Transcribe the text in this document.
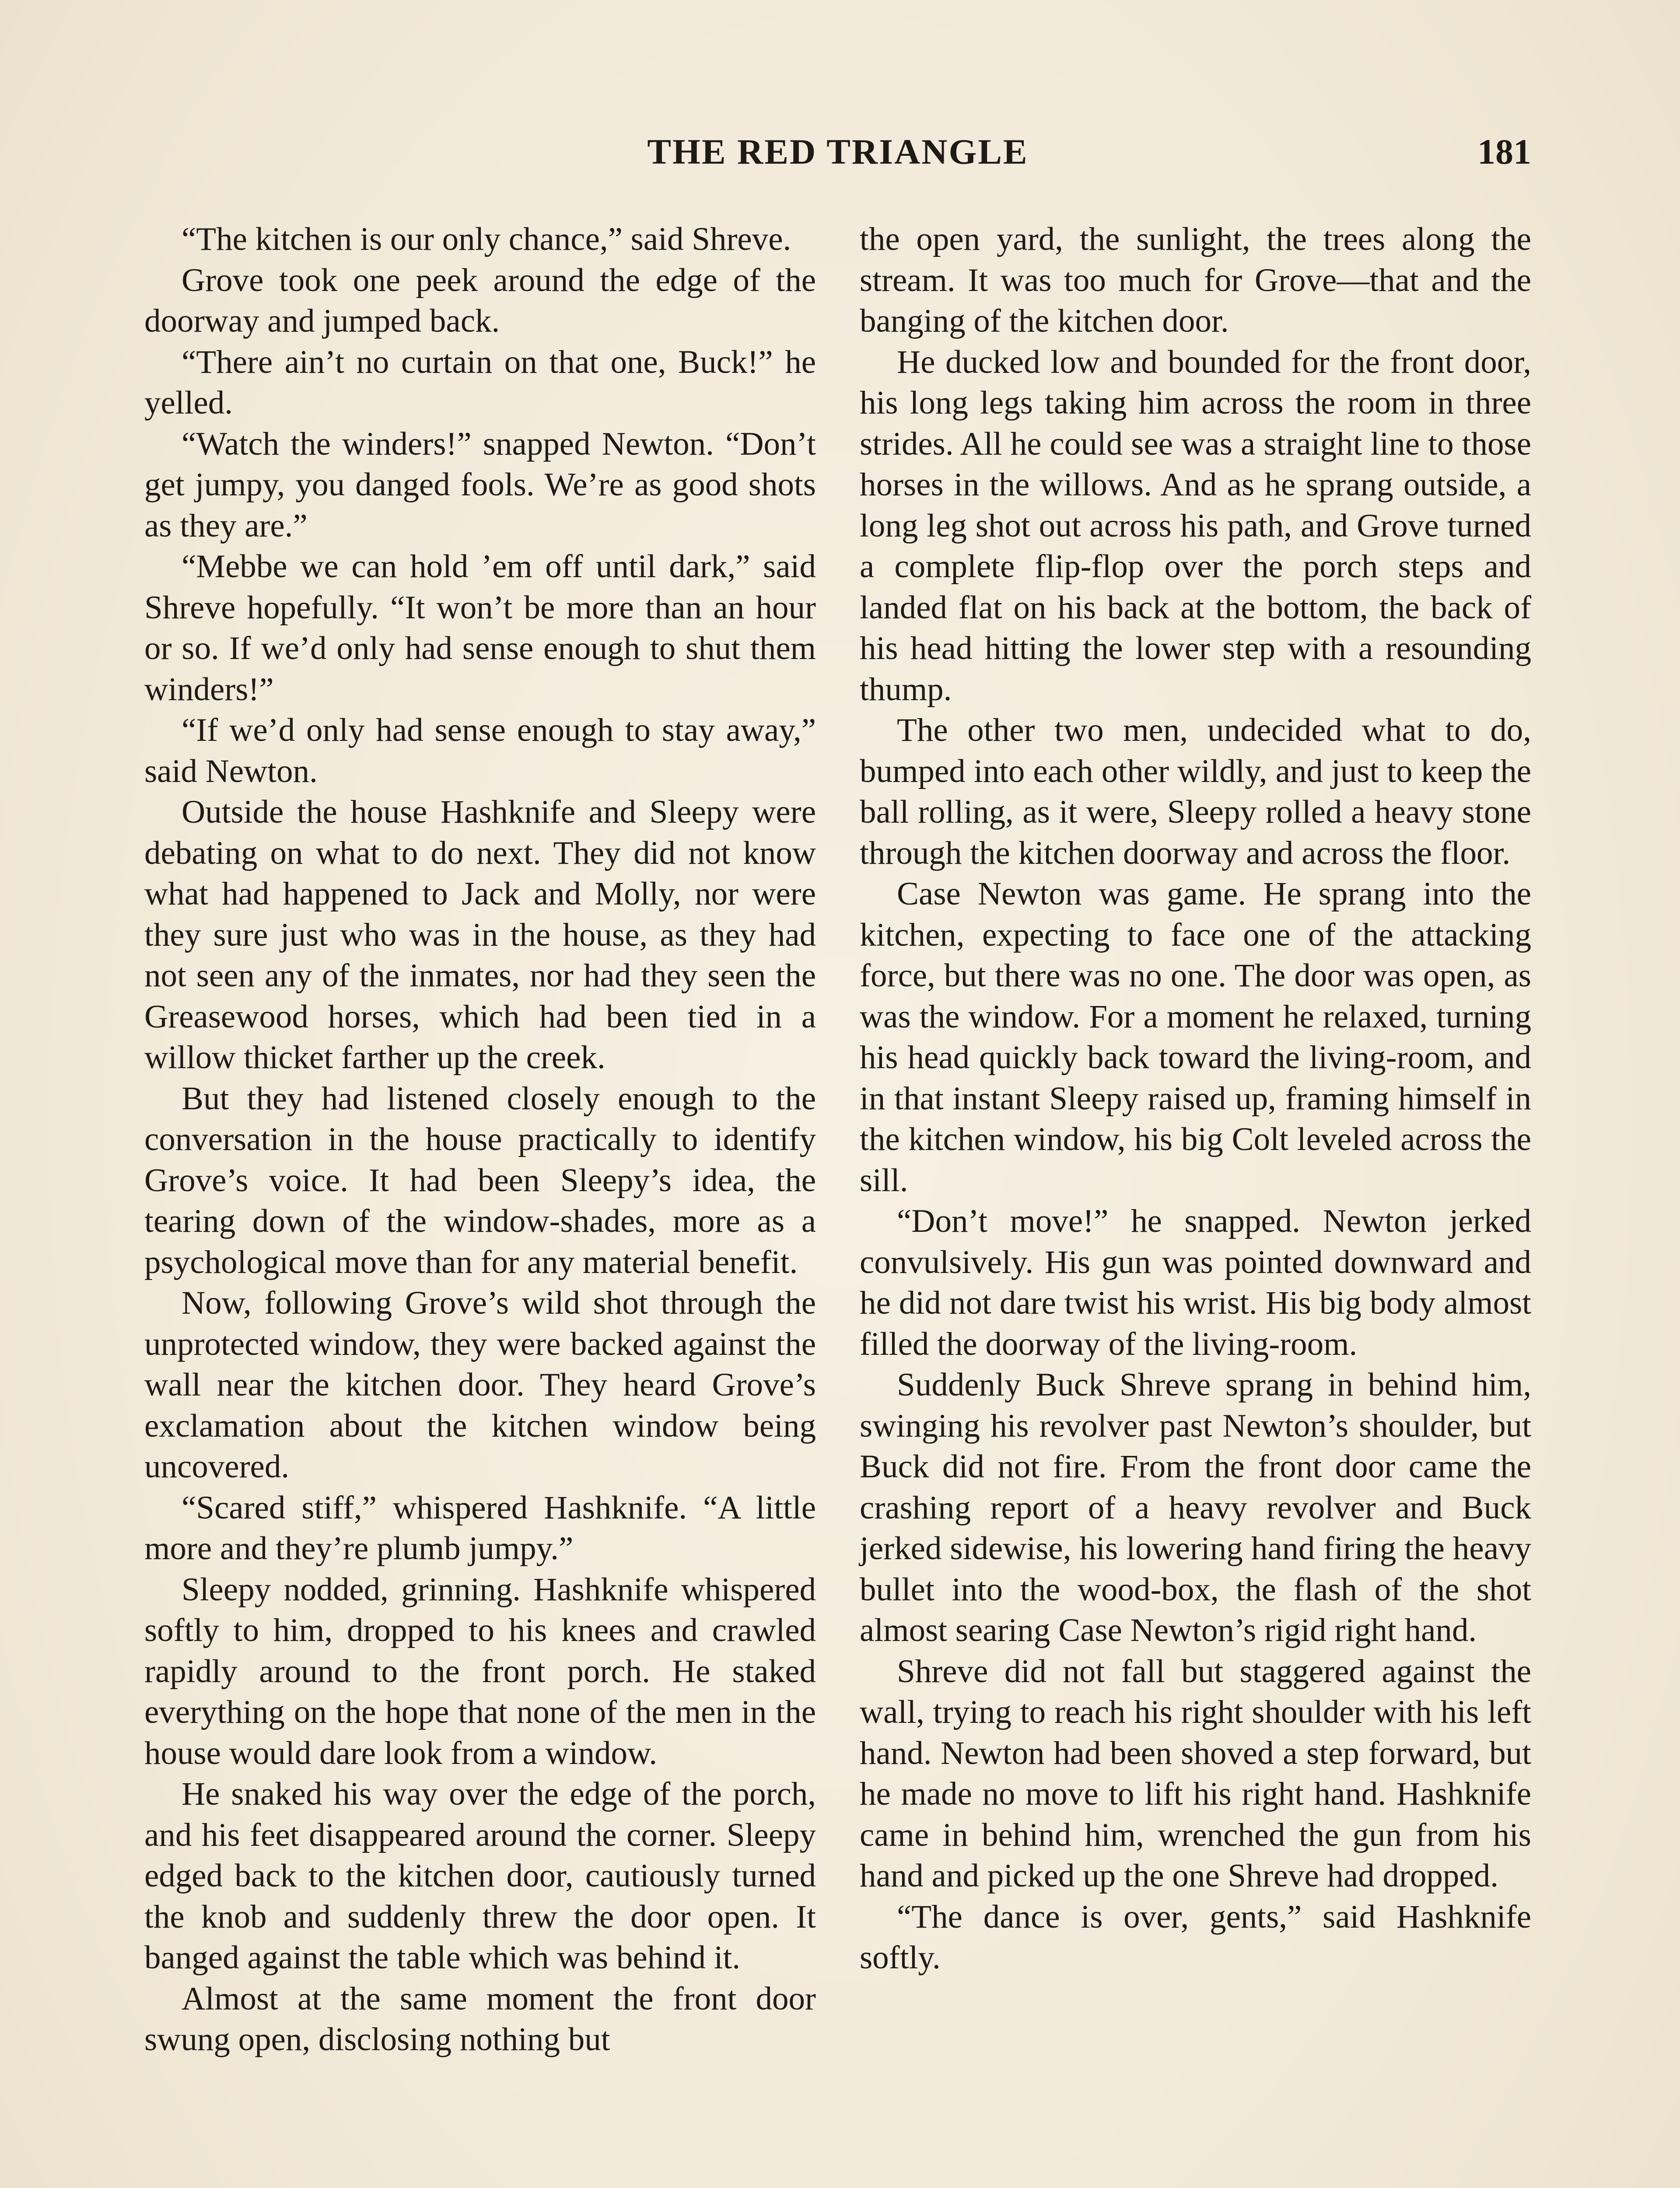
THE RED TRIANGLE	181

“The kitchen is our only chance,” said Shreve.

Grove took one peek around the edge of the doorway and jumped back.

“There ain’t no curtain on that one, Buck!” he yelled.

“Watch the winders!” snapped Newton. “Don’t get jumpy, you danged fools. We’re as good shots as they are.”

“Mebbe we can hold ’em off until dark,” said Shreve hopefully. “It won’t be more than an hour or so. If we’d only had sense enough to shut them winders!”

“If we’d only had sense enough to stay away,” said Newton.

Outside the house Hashknife and Sleepy were debating on what to do next. They did not know what had happened to Jack and Molly, nor were they sure just who was in the house, as they had not seen any of the inmates, nor had they seen the Greasewood horses, which had been tied in a willow thicket farther up the creek.

But they had listened closely enough to the conversation in the house practically to identify Grove’s voice. It had been Sleepy’s idea, the tearing down of the window-shades, more as a psychological move than for any material benefit.

Now, following Grove’s wild shot through the unprotected window, they were backed against the wall near the kitchen door. They heard Grove’s exclamation about the kitchen window being uncovered.

“Scared stiff,” whispered Hashknife. “A little more and they’re plumb jumpy.”

Sleepy nodded, grinning. Hashknife whispered softly to him, dropped to his knees and crawled rapidly around to the front porch. He staked everything on the hope that none of the men in the house would dare look from a window.

He snaked his way over the edge of the porch, and his feet disappeared around the corner. Sleepy edged back to the kitchen door, cautiously turned the knob and suddenly threw the door open. It banged against the table which was behind it.

Almost at the same moment the front door swung open, disclosing nothing but

the open yard, the sunlight, the trees along the stream. It was too much for Grove—that and the banging of the kitchen door.

He ducked low and bounded for the front door, his long legs taking him across the room in three strides. All he could see was a straight line to those horses in the willows. And as he sprang outside, a long leg shot out across his path, and Grove turned a complete flip-flop over the porch steps and landed flat on his back at the bottom, the back of his head hitting the lower step with a resounding thump.

The other two men, undecided what to do, bumped into each other wildly, and just to keep the ball rolling, as it were, Sleepy rolled a heavy stone through the kitchen doorway and across the floor.

Case Newton was game. He sprang into the kitchen, expecting to face one of the attacking force, but there was no one. The door was open, as was the window. For a moment he relaxed, turning his head quickly back toward the living-room, and in that instant Sleepy raised up, framing himself in the kitchen window, his big Colt leveled across the sill.

“Don’t move!” he snapped. Newton jerked convulsively. His gun was pointed downward and he did not dare twist his wrist. His big body almost filled the doorway of the living-room.

Suddenly Buck Shreve sprang in behind him, swinging his revolver past Newton’s shoulder, but Buck did not fire. From the front door came the crashing report of a heavy revolver and Buck jerked sidewise, his lowering hand firing the heavy bullet into the wood-box, the flash of the shot almost searing Case Newton’s rigid right hand.

Shreve did not fall but staggered against the wall, trying to reach his right shoulder with his left hand. Newton had been shoved a step forward, but he made no move to lift his right hand. Hashknife came in behind him, wrenched the gun from his hand and picked up the one Shreve had dropped.

“The dance is over, gents,” said Hashknife softly.
